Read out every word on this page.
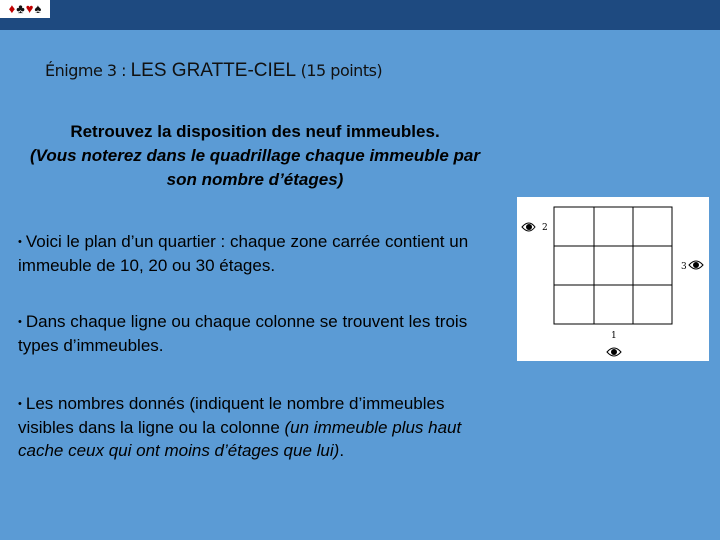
♦ ♣ ♥ ♠
Énigme 3 : LES GRATTE-CIEL (15 points)
Retrouvez la disposition des neuf immeubles.
(Vous noterez dans le quadrillage chaque immeuble par son nombre d’étages)
• Voici le plan d’un quartier : chaque zone carrée contient un immeuble de 10, 20 ou 30 étages.
• Dans chaque ligne ou chaque colonne se trouvent les trois types d’immeubles.
• Les nombres donnés (indiquent le nombre d’immeubles visibles dans la ligne ou la colonne (un immeuble plus haut cache ceux qui ont moins d’étages que lui).
2
3
1
